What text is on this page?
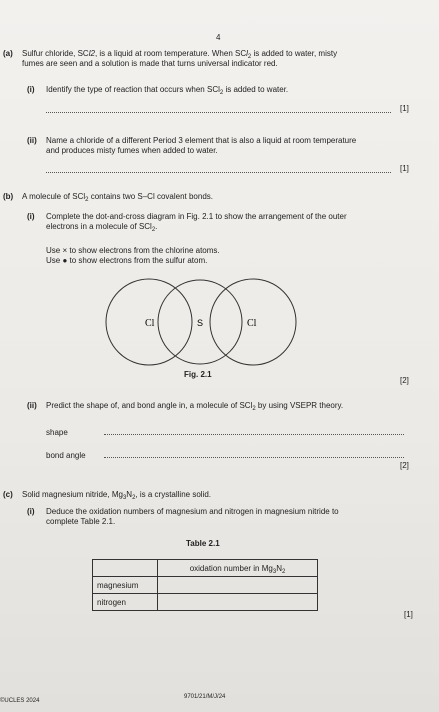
4
(a) Sulfur chloride, SCl2, is a liquid at room temperature. When SCl$_2$ is added to water, misty
fumes are seen and a solution is made that turns universal indicator red.
(i) Identify the type of reaction that occurs when SCl$_2$ is added to water.
[1]
(ii) Name a chloride of a different Period 3 element that is also a liquid at room temperature
and produces misty fumes when added to water.
[1]
(b) A molecule of SCl$_2$ contains two S–Cl covalent bonds.
(i) Complete the dot-and-cross diagram in Fig. 2.1 to show the arrangement of the outer
electrons in a molecule of SCl$_2$.
Use × to show electrons from the chlorine atoms.
Use ● to show electrons from the sulfur atom.
Cl	S	Cl
Fig. 2.1
[2]
(ii) Predict the shape of, and bond angle in, a molecule of SCl$_2$ by using VSEPR theory.
shape
bond angle
[2]
(c) Solid magnesium nitride, $Mg_3N_2$, is a crystalline solid.
(i) Deduce the oxidation numbers of magnesium and nitrogen in magnesium nitride to
complete Table 2.1.
Table 2.1
	oxidation number in $Mg_3N_2$
magnesium	
nitrogen	
[1]
©UCLES 2024
9701/21/M/J/24
